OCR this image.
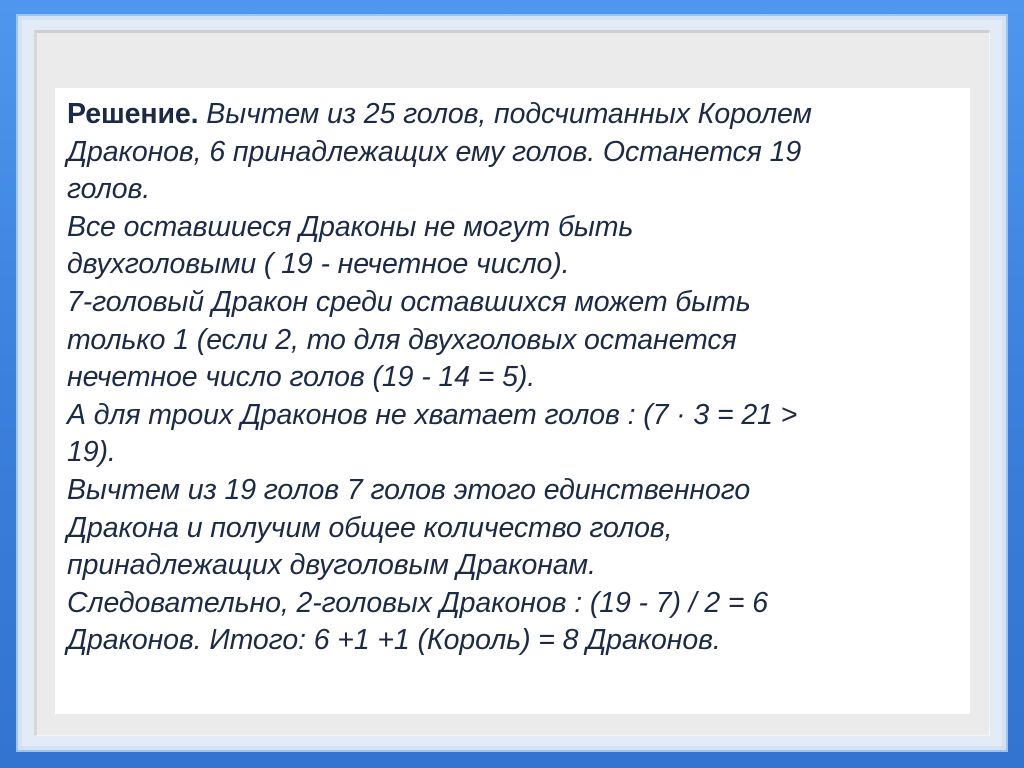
Решение. Вычтем из 25 голов, подсчитанных Королем
Драконов, 6 принадлежащих ему голов. Останется 19
голов.
Все оставшиеся Драконы не могут быть
двухголовыми ( 19 - нечетное число).
7-головый Дракон среди оставшихся может быть
только 1 (если 2, то для двухголовых останется
нечетное число голов (19 - 14 = 5).
А для троих Драконов не хватает голов : (7 · 3 = 21 >
19).
Вычтем из 19 голов 7 голов этого единственного
Дракона и получим общее количество голов,
принадлежащих двуголовым Драконам.
Следовательно, 2-головых Драконов : (19 - 7) / 2 = 6
Драконов. Итого: 6 +1 +1 (Король) = 8 Драконов.
